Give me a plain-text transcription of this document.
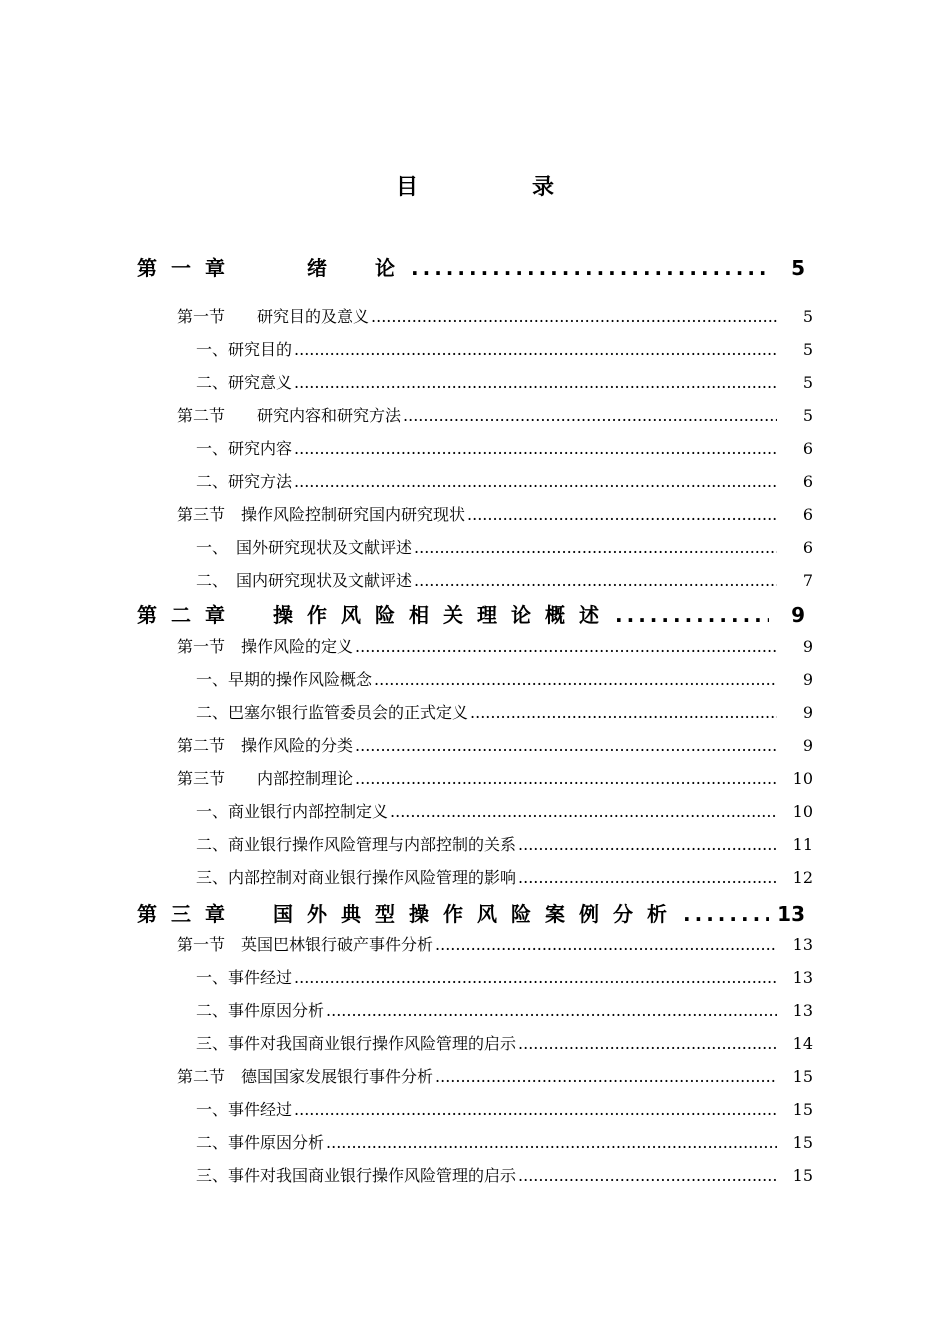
目　录
第一章　　绪　论 .....	5
第一节　　研究目的及意义 .....	5
一、研究目的 .....	5
二、研究意义 .....	5
第二节　　研究内容和研究方法 .....	5
一、研究内容 .....	6
二、研究方法 .....	6
第三节　操作风险控制研究国内研究现状 .....	6
一、　国外研究现状及文献评述 .....	6
二、　国内研究现状及文献评述 .....	7
第二章　操作风险相关理论概述 .....	9
第一节　操作风险的定义 .....	9
一、早期的操作风险概念 .....	9
二、巴塞尔银行监管委员会的正式定义 .....	9
第二节　操作风险的分类 .....	9
第三节　　内部控制理论 .....	10
一、商业银行内部控制定义 .....	10
二、商业银行操作风险管理与内部控制的关系 .....	11
三、内部控制对商业银行操作风险管理的影响 .....	12
第三章　国外典型操作风险案例分析 .....	13
第一节　英国巴林银行破产事件分析 .....	13
一、事件经过 .....	13
二、事件原因分析 .....	13
三、事件对我国商业银行操作风险管理的启示 .....	14
第二节　德国国家发展银行事件分析 .....	15
一、事件经过 .....	15
二、事件原因分析 .....	15
三、事件对我国商业银行操作风险管理的启示 .....	15
